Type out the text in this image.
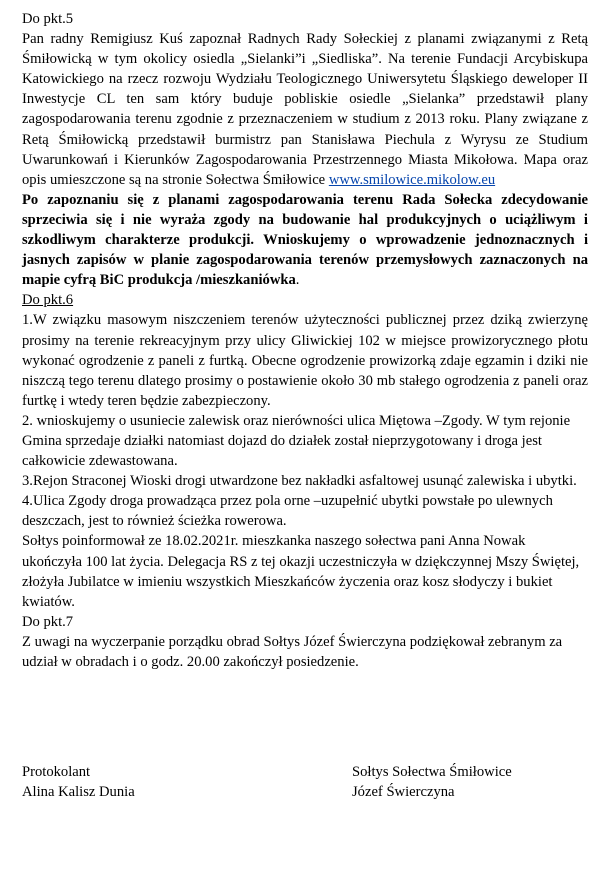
Do pkt.5

Pan radny Remigiusz Kuś zapoznał Radnych Rady Sołeckiej z planami związanymi z Retą Śmiłowicką w tym okolicy osiedla „Sielanki”i „Siedliska”. Na terenie Fundacji Arcybiskupa Katowickiego na rzecz rozwoju Wydziału Teologicznego Uniwersytetu Śląskiego deweloper II Inwestycje CL ten sam który buduje pobliskie osiedle „Sielanka” przedstawił plany zagospodarowania terenu zgodnie z przeznaczeniem w studium z 2013 roku. Plany związane z Retą Śmiłowicką przedstawił burmistrz pan Stanisława Piechula z Wyrysu ze Studium Uwarunkowań i Kierunków Zagospodarowania Przestrzennego Miasta Mikołowa. Mapa oraz opis umieszczone są na stronie Sołectwa Śmiłowice www.smilowice.mikolow.eu

Po zapoznaniu się z planami zagospodarowania terenu Rada Sołecka zdecydowanie sprzeciwia się i nie wyraża zgody na budowanie hal produkcyjnych o uciążliwym i szkodliwym charakterze produkcji. Wnioskujemy o wprowadzenie jednoznacznych i jasnych zapisów w planie zagospodarowania terenów przemysłowych zaznaczonych na mapie cyfrą BiC produkcja /mieszkaniówka.

Do pkt.6

1.W związku masowym niszczeniem terenów użyteczności publicznej przez dziką zwierzynę prosimy na terenie rekreacyjnym przy ulicy Gliwickiej 102 w miejsce prowizorycznego płotu wykonać ogrodzenie z paneli z furtką. Obecne ogrodzenie prowizorką zdaje egzamin i dziki nie niszczą tego terenu dlatego prosimy o postawienie około 30 mb stałego ogrodzenia z paneli oraz furtkę i wtedy teren będzie zabezpieczony.

2. wnioskujemy o usuniecie zalewisk oraz nierówności ulica Miętowa –Zgody. W tym rejonie Gmina sprzedaje działki natomiast dojazd do działek został nieprzygotowany i droga jest całkowicie zdewastowana.

3.Rejon Straconej Wioski drogi utwardzone bez nakładki asfaltowej usunąć zalewiska i ubytki.

4.Ulica Zgody droga prowadząca przez pola orne –uzupełnić ubytki powstałe po ulewnych deszczach, jest to również ścieżka rowerowa.

Sołtys poinformował ze 18.02.2021r. mieszkanka naszego sołectwa pani Anna Nowak ukończyła 100 lat życia. Delegacja RS z tej okazji uczestniczyła w dziękczynnej Mszy Świętej, złożyła Jubilatce w imieniu wszystkich Mieszkańców życzenia oraz kosz słodyczy i bukiet kwiatów.

Do pkt.7

Z uwagi na wyczerpanie porządku obrad Sołtys Józef Świerczyna podziękował zebranym za udział w obradach i o godz. 20.00 zakończył posiedzenie.

Protokolant

Alina Kalisz Dunia

Sołtys Sołectwa Śmiłowice

Józef Świerczyna
